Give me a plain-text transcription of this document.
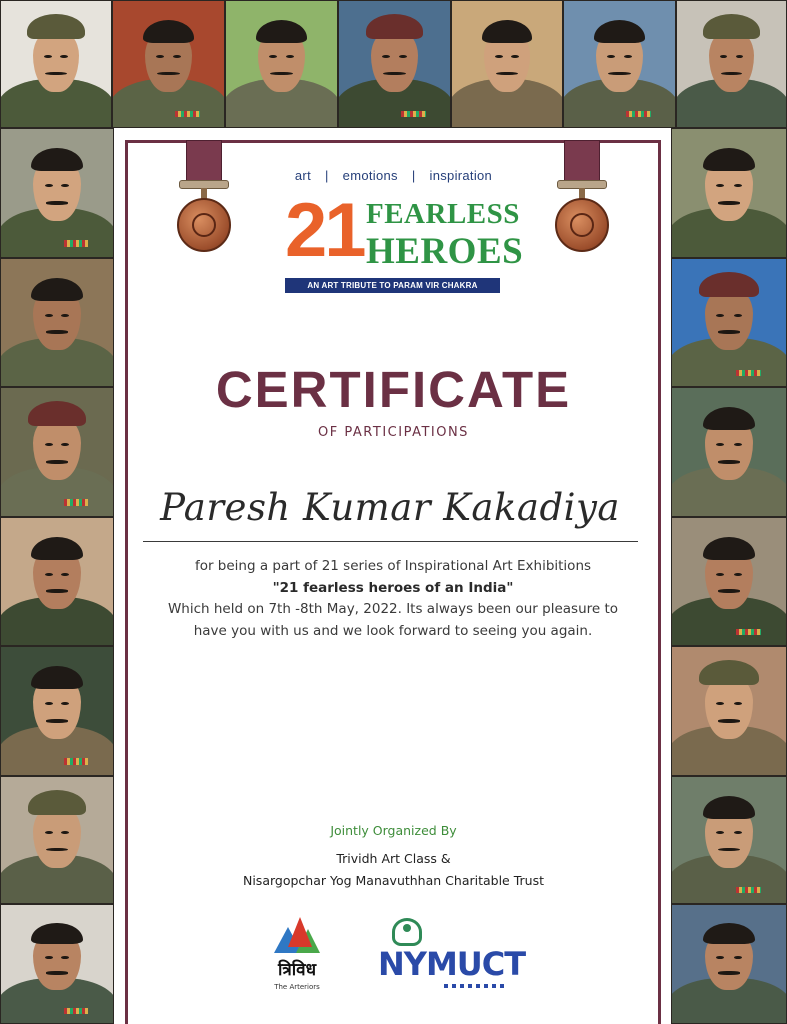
art | emotions | inspiration
21 FEARLESS
HEROES
AN ART TRIBUTE TO PARAM VIR CHAKRA AWARDEES
CERTIFICATE
OF PARTICIPATIONS
Paresh Kumar Kakadiya
for being a part of 21 series of Inspirational Art Exhibitions
"21 fearless heroes of an India"
Which held on 7th -8th May, 2022. Its always been our pleasure to
have you with us and we look forward to seeing you again.
Jointly Organized By
Trividh Art Class &
Nisargopchar Yog Manavuthhan Charitable Trust
त्रिविध
The Arteriors
NYMUCT
